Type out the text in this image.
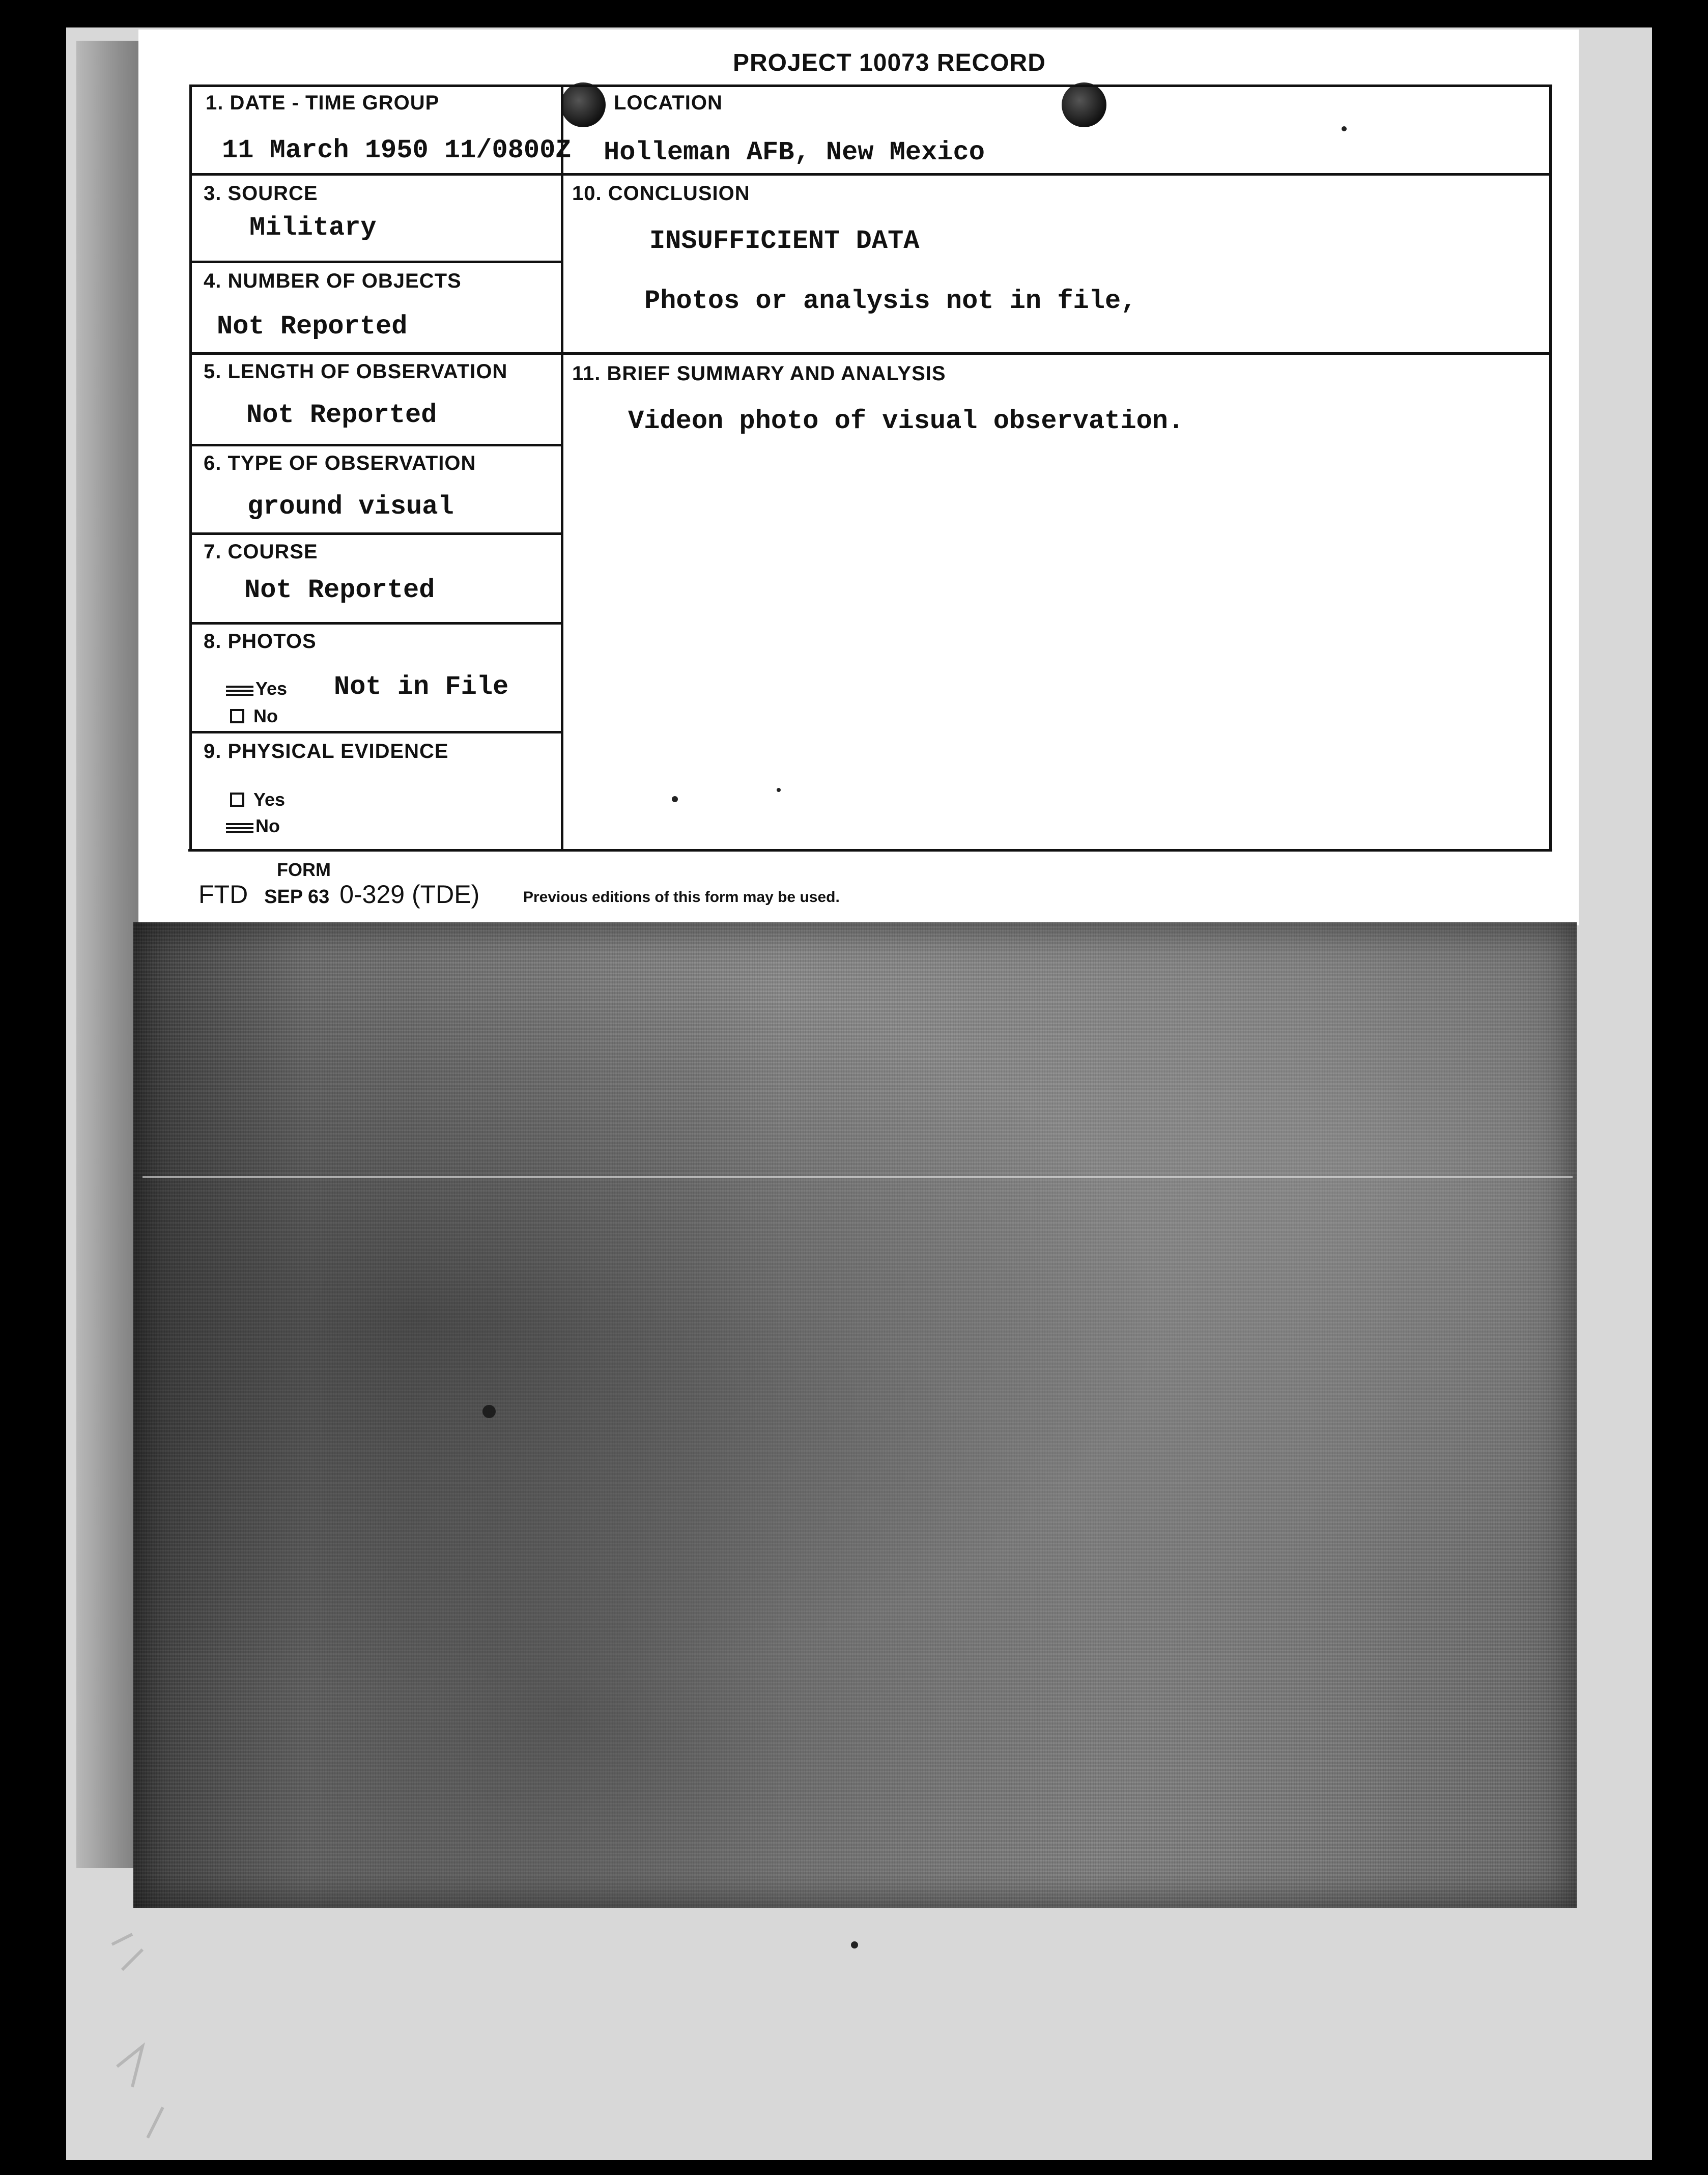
PROJECT 10073 RECORD
1. DATE - TIME GROUP
11 March 1950 11/0800Z
LOCATION
Holleman AFB, New Mexico
3. SOURCE
Military
10. CONCLUSION
INSUFFICIENT DATA
Photos or analysis not in file,
4. NUMBER OF OBJECTS
Not Reported
5. LENGTH OF OBSERVATION
Not Reported
11. BRIEF SUMMARY AND ANALYSIS
Videon photo of visual observation.
6. TYPE OF OBSERVATION
ground visual
7. COURSE
Not Reported
8. PHOTOS
Yes Not in File
No
9. PHYSICAL EVIDENCE
Yes
No
FORM
FTD SEP 63 0-329 (TDE)	Previous editions of this form may be used.
